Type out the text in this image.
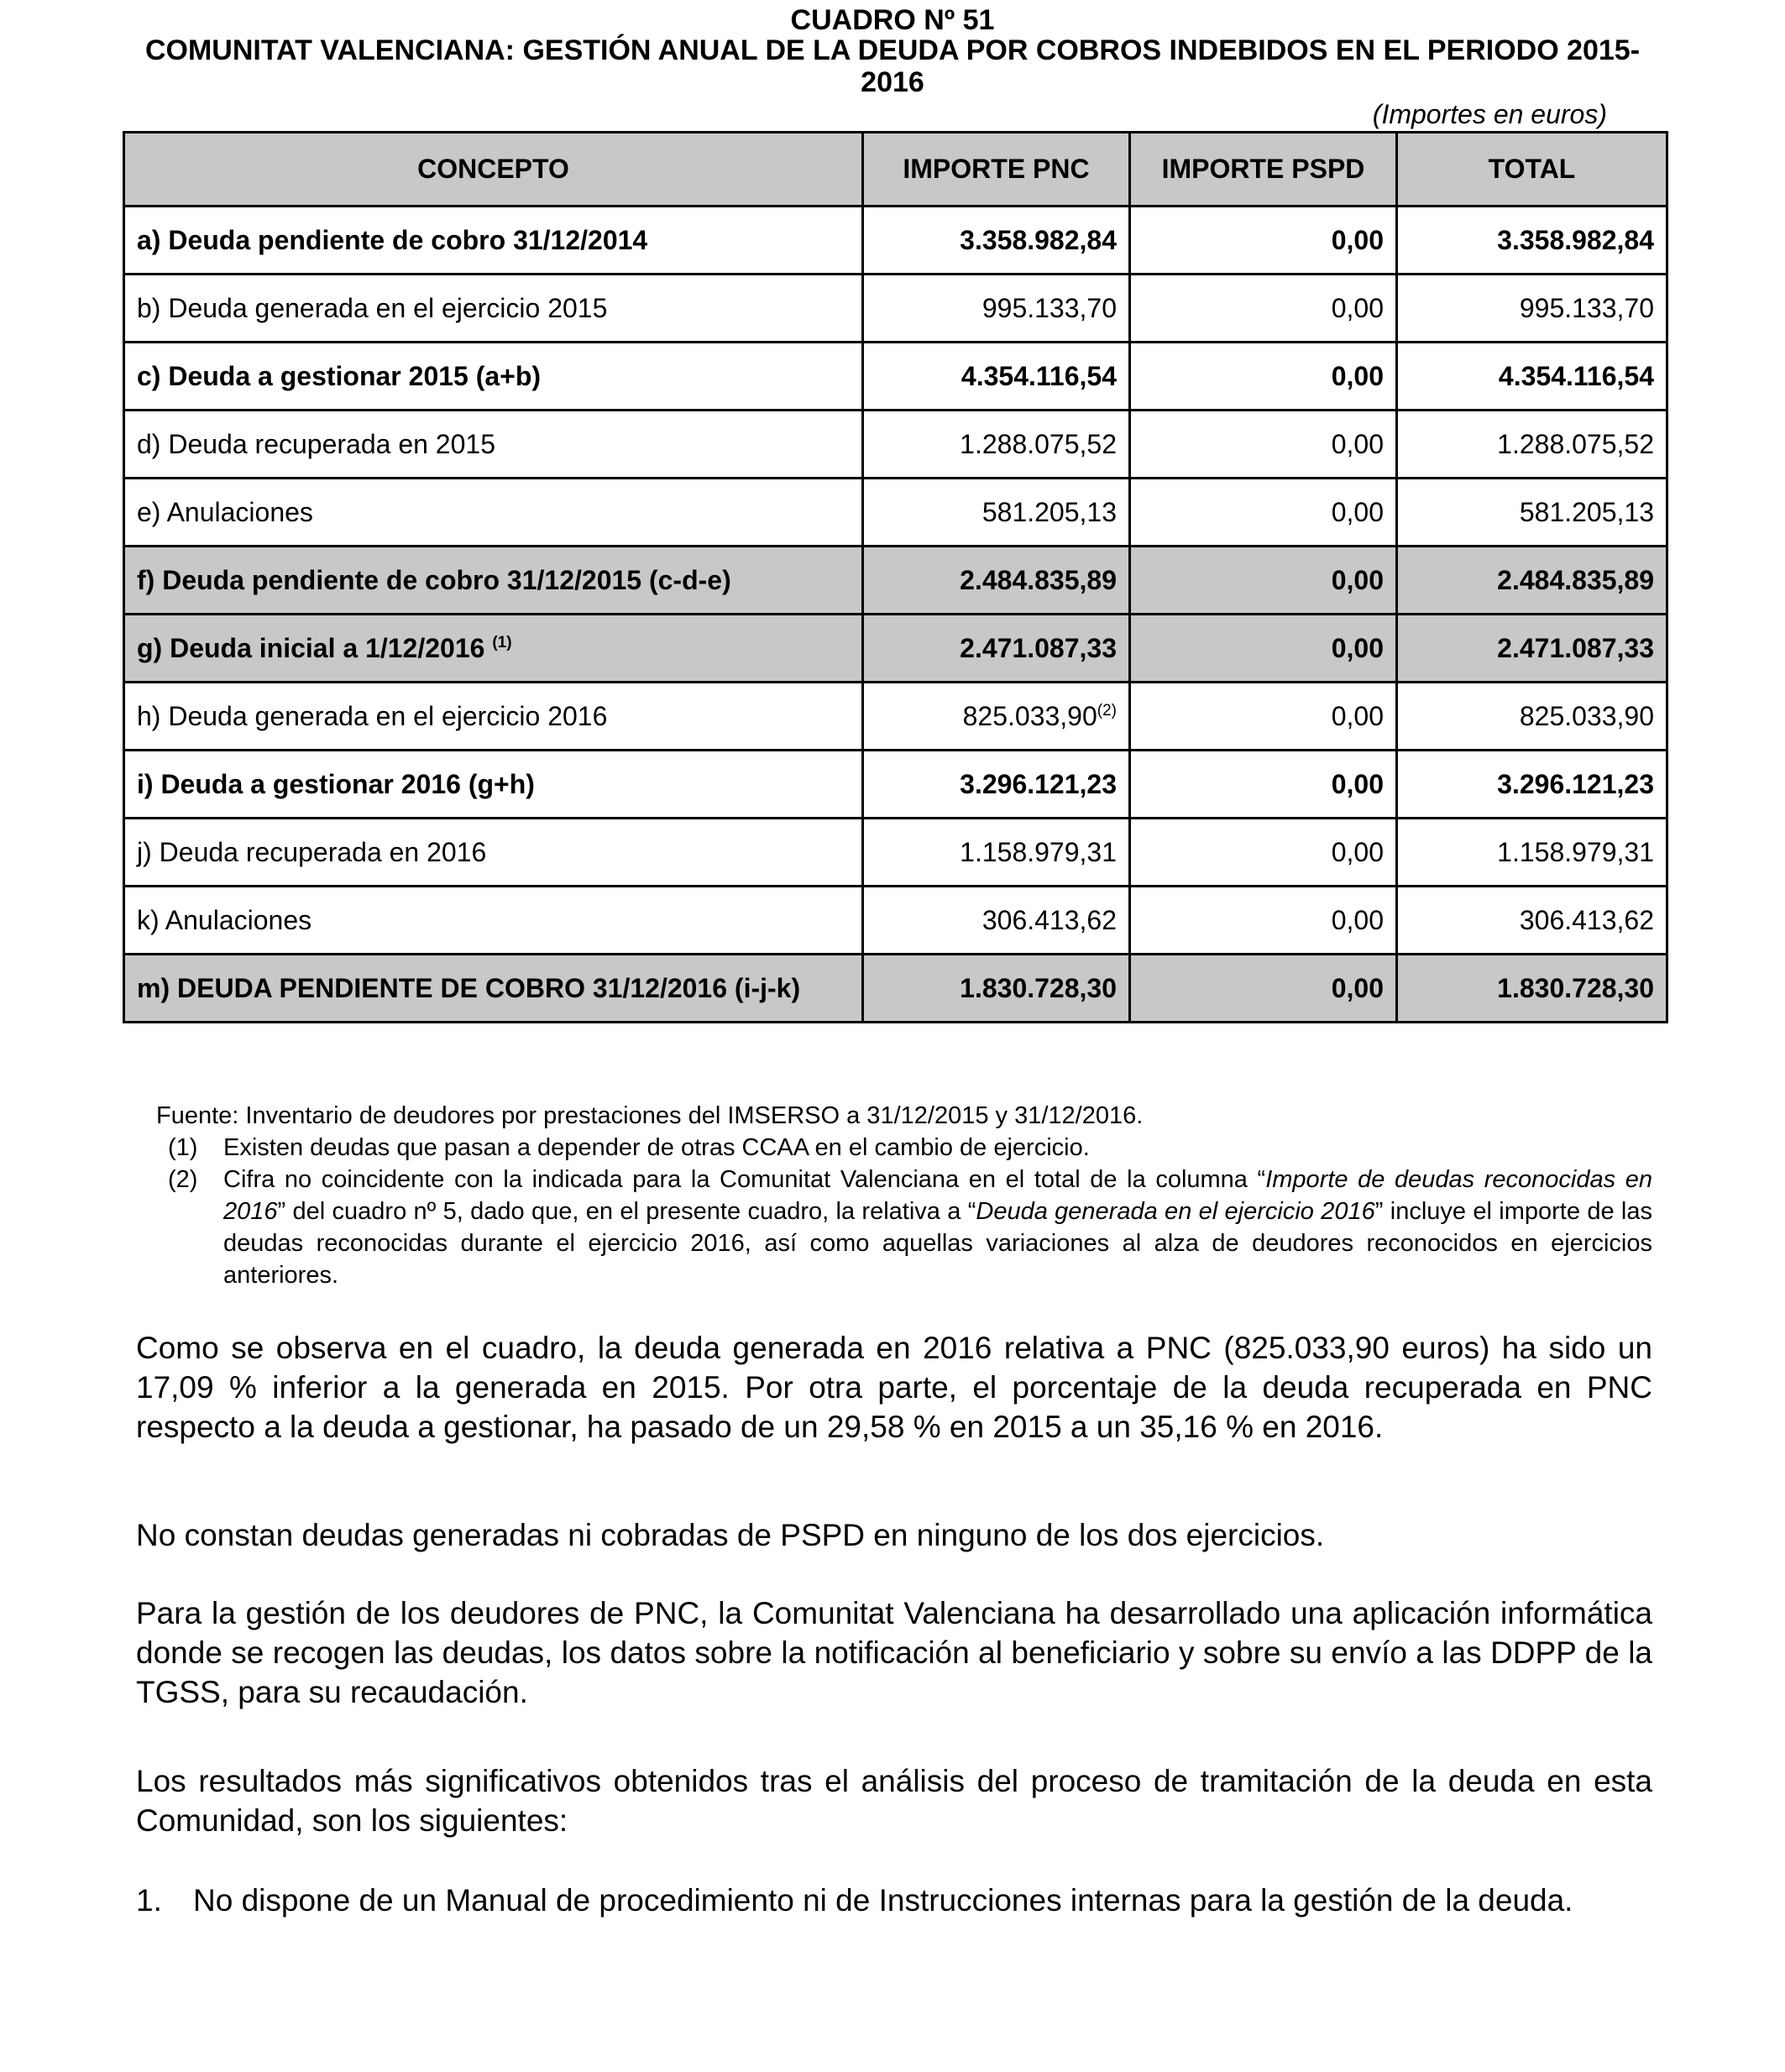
CUADRO Nº 51
COMUNITAT VALENCIANA: GESTIÓN ANUAL DE LA DEUDA POR COBROS INDEBIDOS EN EL PERIODO 2015-
2016
(Importes en euros)
CONCEPTO	IMPORTE PNC	IMPORTE PSPD	TOTAL
a) Deuda pendiente de cobro 31/12/2014	3.358.982,84	0,00	3.358.982,84
b) Deuda generada en el ejercicio 2015	995.133,70	0,00	995.133,70
c) Deuda a gestionar 2015 (a+b)	4.354.116,54	0,00	4.354.116,54
d) Deuda recuperada en 2015	1.288.075,52	0,00	1.288.075,52
e) Anulaciones	581.205,13	0,00	581.205,13
f) Deuda pendiente de cobro 31/12/2015 (c-d-e)	2.484.835,89	0,00	2.484.835,89
g) Deuda inicial a 1/12/2016 $^{(1)}$	2.471.087,33	0,00	2.471.087,33
h) Deuda generada en el ejercicio 2016	825.033,90$^{(2)}$	0,00	825.033,90
i) Deuda a gestionar 2016 (g+h)	3.296.121,23	0,00	3.296.121,23
j) Deuda recuperada en 2016	1.158.979,31	0,00	1.158.979,31
k) Anulaciones	306.413,62	0,00	306.413,62
m) DEUDA PENDIENTE DE COBRO 31/12/2016 (i-j-k)	1.830.728,30	0,00	1.830.728,30
Fuente: Inventario de deudores por prestaciones del IMSERSO a 31/12/2015 y 31/12/2016.
(1) Existen deudas que pasan a depender de otras CCAA en el cambio de ejercicio.
(2) Cifra no coincidente con la indicada para la Comunitat Valenciana en el total de la columna “Importe de deudas reconocidas en 2016” del cuadro nº 5, dado que, en el presente cuadro, la relativa a “Deuda generada en el ejercicio 2016” incluye el importe de las deudas reconocidas durante el ejercicio 2016, así como aquellas variaciones al alza de deudores reconocidos en ejercicios anteriores.
Como se observa en el cuadro, la deuda generada en 2016 relativa a PNC (825.033,90 euros) ha sido un 17,09 % inferior a la generada en 2015. Por otra parte, el porcentaje de la deuda recuperada en PNC respecto a la deuda a gestionar, ha pasado de un 29,58 % en 2015 a un 35,16 % en 2016.
No constan deudas generadas ni cobradas de PSPD en ninguno de los dos ejercicios.
Para la gestión de los deudores de PNC, la Comunitat Valenciana ha desarrollado una aplicación informática donde se recogen las deudas, los datos sobre la notificación al beneficiario y sobre su envío a las DDPP de la TGSS, para su recaudación.
Los resultados más significativos obtenidos tras el análisis del proceso de tramitación de la deuda en esta Comunidad, son los siguientes:
1. No dispone de un Manual de procedimiento ni de Instrucciones internas para la gestión de la deuda.
